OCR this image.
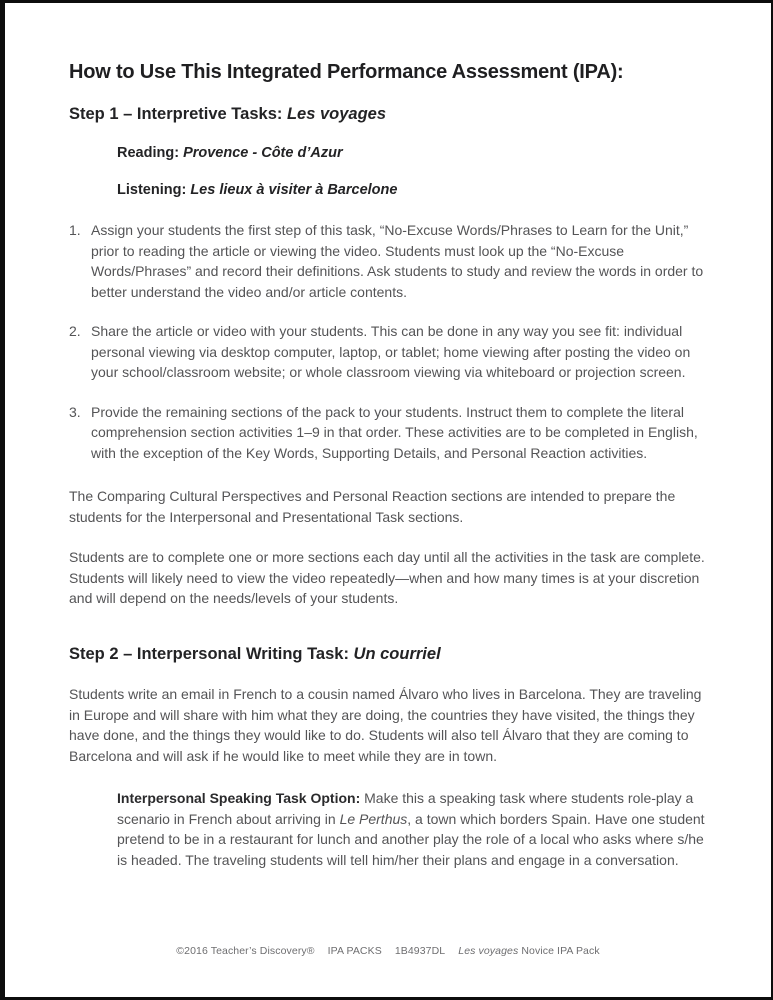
How to Use This Integrated Performance Assessment (IPA):
Step 1 – Interpretive Tasks: Les voyages

Reading: Provence - Côte d’Azur

Listening: Les lieux à visiter à Barcelone

1. Assign your students the first step of this task, “No-Excuse Words/Phrases to Learn for the Unit,” prior to reading the article or viewing the video. Students must look up the “No-Excuse Words/Phrases” and record their definitions. Ask students to study and review the words in order to better understand the video and/or article contents.
2. Share the article or video with your students. This can be done in any way you see fit: individual personal viewing via desktop computer, laptop, or tablet; home viewing after posting the video on your school/classroom website; or whole classroom viewing via whiteboard or projection screen.
3. Provide the remaining sections of the pack to your students. Instruct them to complete the literal comprehension section activities 1–9 in that order. These activities are to be completed in English, with the exception of the Key Words, Supporting Details, and Personal Reaction activities.

The Comparing Cultural Perspectives and Personal Reaction sections are intended to prepare the students for the Interpersonal and Presentational Task sections.

Students are to complete one or more sections each day until all the activities in the task are complete. Students will likely need to view the video repeatedly—when and how many times is at your discretion and will depend on the needs/levels of your students.

Step 2 – Interpersonal Writing Task: Un courriel

Students write an email in French to a cousin named Álvaro who lives in Barcelona. They are traveling in Europe and will share with him what they are doing, the countries they have visited, the things they have done, and the things they would like to do. Students will also tell Álvaro that they are coming to Barcelona and will ask if he would like to meet while they are in town.

Interpersonal Speaking Task Option: Make this a speaking task where students role-play a scenario in French about arriving in Le Perthus, a town which borders Spain. Have one student pretend to be in a restaurant for lunch and another play the role of a local who asks where s/he is headed. The traveling students will tell him/her their plans and engage in a conversation.

©2016 Teacher’s Discovery® IPA PACKS 1B4937DL Les voyages Novice IPA Pack
